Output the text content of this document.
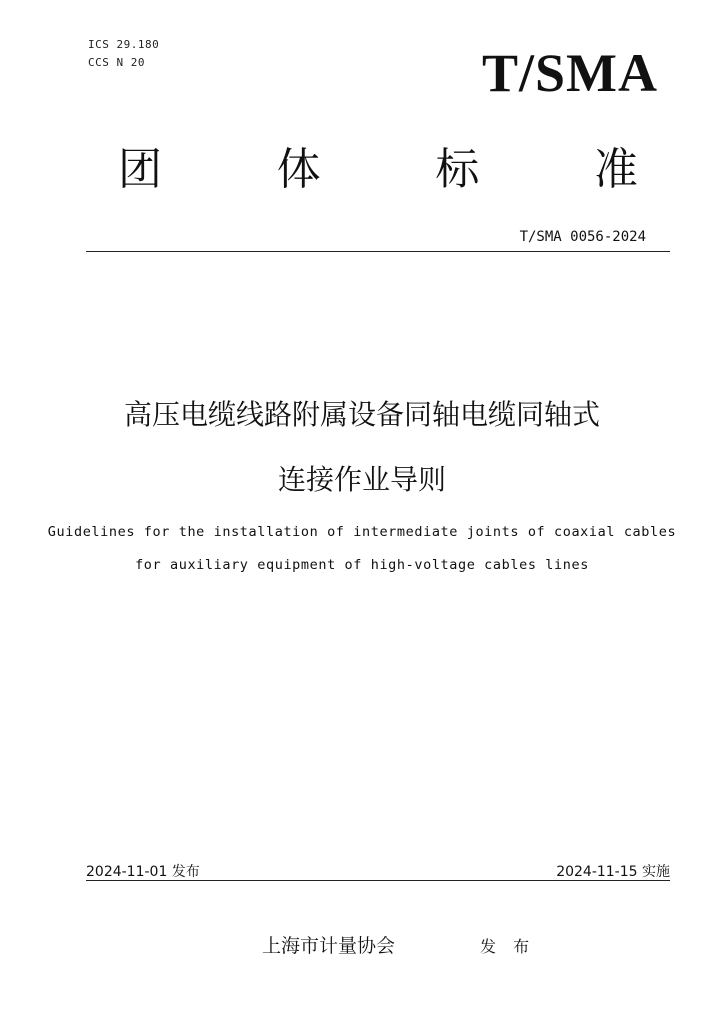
ICS 29.180
CCS N 20	T/SMA
团	体	标	准
T/SMA 0056-2024
高压电缆线路附属设备同轴电缆同轴式
连接作业导则
Guidelines for the installation of intermediate joints of coaxial cables
for auxiliary equipment of high-voltage cables lines
2024-11-01 发布	2024-11-15 实施
上海市计量协会	发 布
